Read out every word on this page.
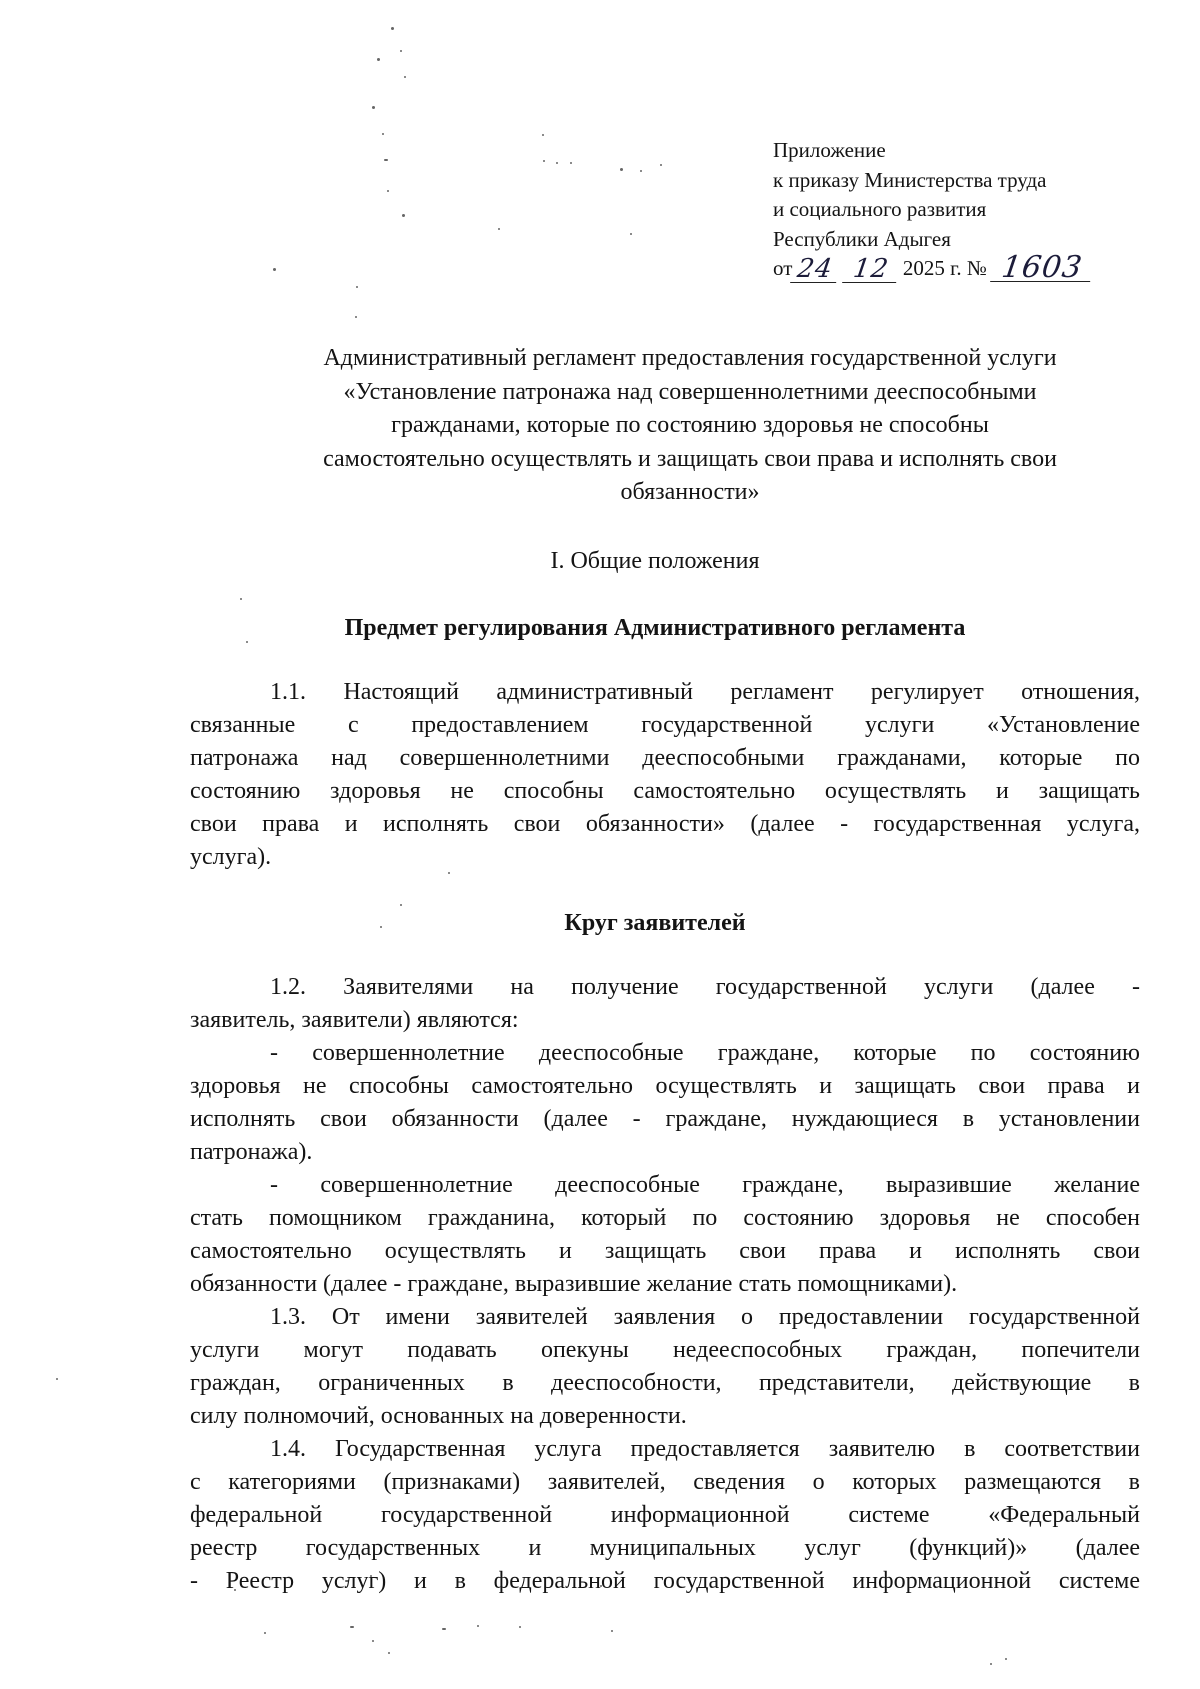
Приложение
к приказу Министерства труда
и социального развития
Республики Адыгея
от 24 12 2025 г. № 1603
Административный регламент предоставления государственной услуги
«Установление патронажа над совершеннолетними дееспособными
гражданами, которые по состоянию здоровья не способны
самостоятельно осуществлять и защищать свои права и исполнять свои
обязанности»
I. Общие положения
Предмет регулирования Административного регламента
1.1. Настоящий административный регламент регулирует отношения,
связанные с предоставлением государственной услуги «Установление
патронажа над совершеннолетними дееспособными гражданами, которые по
состоянию здоровья не способны самостоятельно осуществлять и защищать
свои права и исполнять свои обязанности» (далее - государственная услуга,
услуга).
Круг заявителей
1.2. Заявителями на получение государственной услуги (далее -
заявитель, заявители) являются:
- совершеннолетние дееспособные граждане, которые по состоянию
здоровья не способны самостоятельно осуществлять и защищать свои права и
исполнять свои обязанности (далее - граждане, нуждающиеся в установлении
патронажа).
- совершеннолетние дееспособные граждане, выразившие желание
стать помощником гражданина, который по состоянию здоровья не способен
самостоятельно осуществлять и защищать свои права и исполнять свои
обязанности (далее - граждане, выразившие желание стать помощниками).
1.3. От имени заявителей заявления о предоставлении государственной
услуги могут подавать опекуны недееспособных граждан, попечители
граждан, ограниченных в дееспособности, представители, действующие в
силу полномочий, основанных на доверенности.
1.4. Государственная услуга предоставляется заявителю в соответствии
с категориями (признаками) заявителей, сведения о которых размещаются в
федеральной государственной информационной системе «Федеральный
реестр государственных и муниципальных услуг (функций)» (далее
- Реестр услуг) и в федеральной государственной информационной системе
